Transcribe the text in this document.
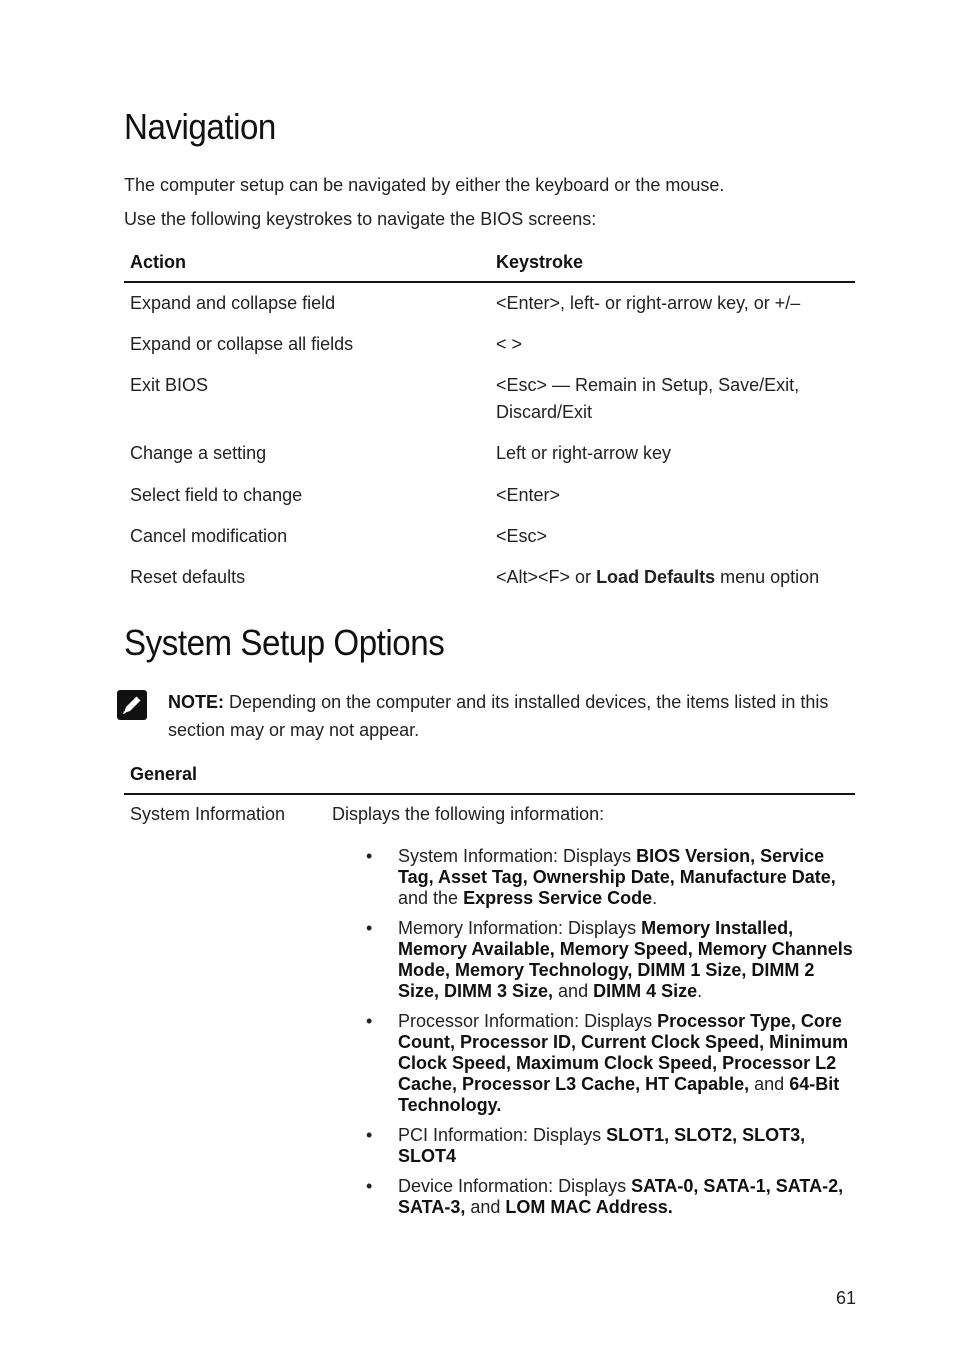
Navigation

The computer setup can be navigated by either the keyboard or the mouse.

Use the following keystrokes to navigate the BIOS screens:

Action	Keystroke
Expand and collapse field	<Enter>, left- or right-arrow key, or +/–
Expand or collapse all fields	< >
Exit BIOS	<Esc> — Remain in Setup, Save/Exit, Discard/Exit
Change a setting	Left or right-arrow key
Select field to change	<Enter>
Cancel modification	<Esc>
Reset defaults	<Alt><F> or Load Defaults menu option
System Setup Options
NOTE: Depending on the computer and its installed devices, the items listed in this section may or may not appear.
General
System Information	Displays the following information:
• System Information: Displays BIOS Version, Service Tag, Asset Tag, Ownership Date, Manufacture Date, and the Express Service Code.
• Memory Information: Displays Memory Installed, Memory Available, Memory Speed, Memory Channels Mode, Memory Technology, DIMM 1 Size, DIMM 2 Size, DIMM 3 Size, and DIMM 4 Size.
• Processor Information: Displays Processor Type, Core Count, Processor ID, Current Clock Speed, Minimum Clock Speed, Maximum Clock Speed, Processor L2 Cache, Processor L3 Cache, HT Capable, and 64-Bit Technology.
• PCI Information: Displays SLOT1, SLOT2, SLOT3, SLOT4
• Device Information: Displays SATA-0, SATA-1, SATA-2, SATA-3, and LOM MAC Address.
61
